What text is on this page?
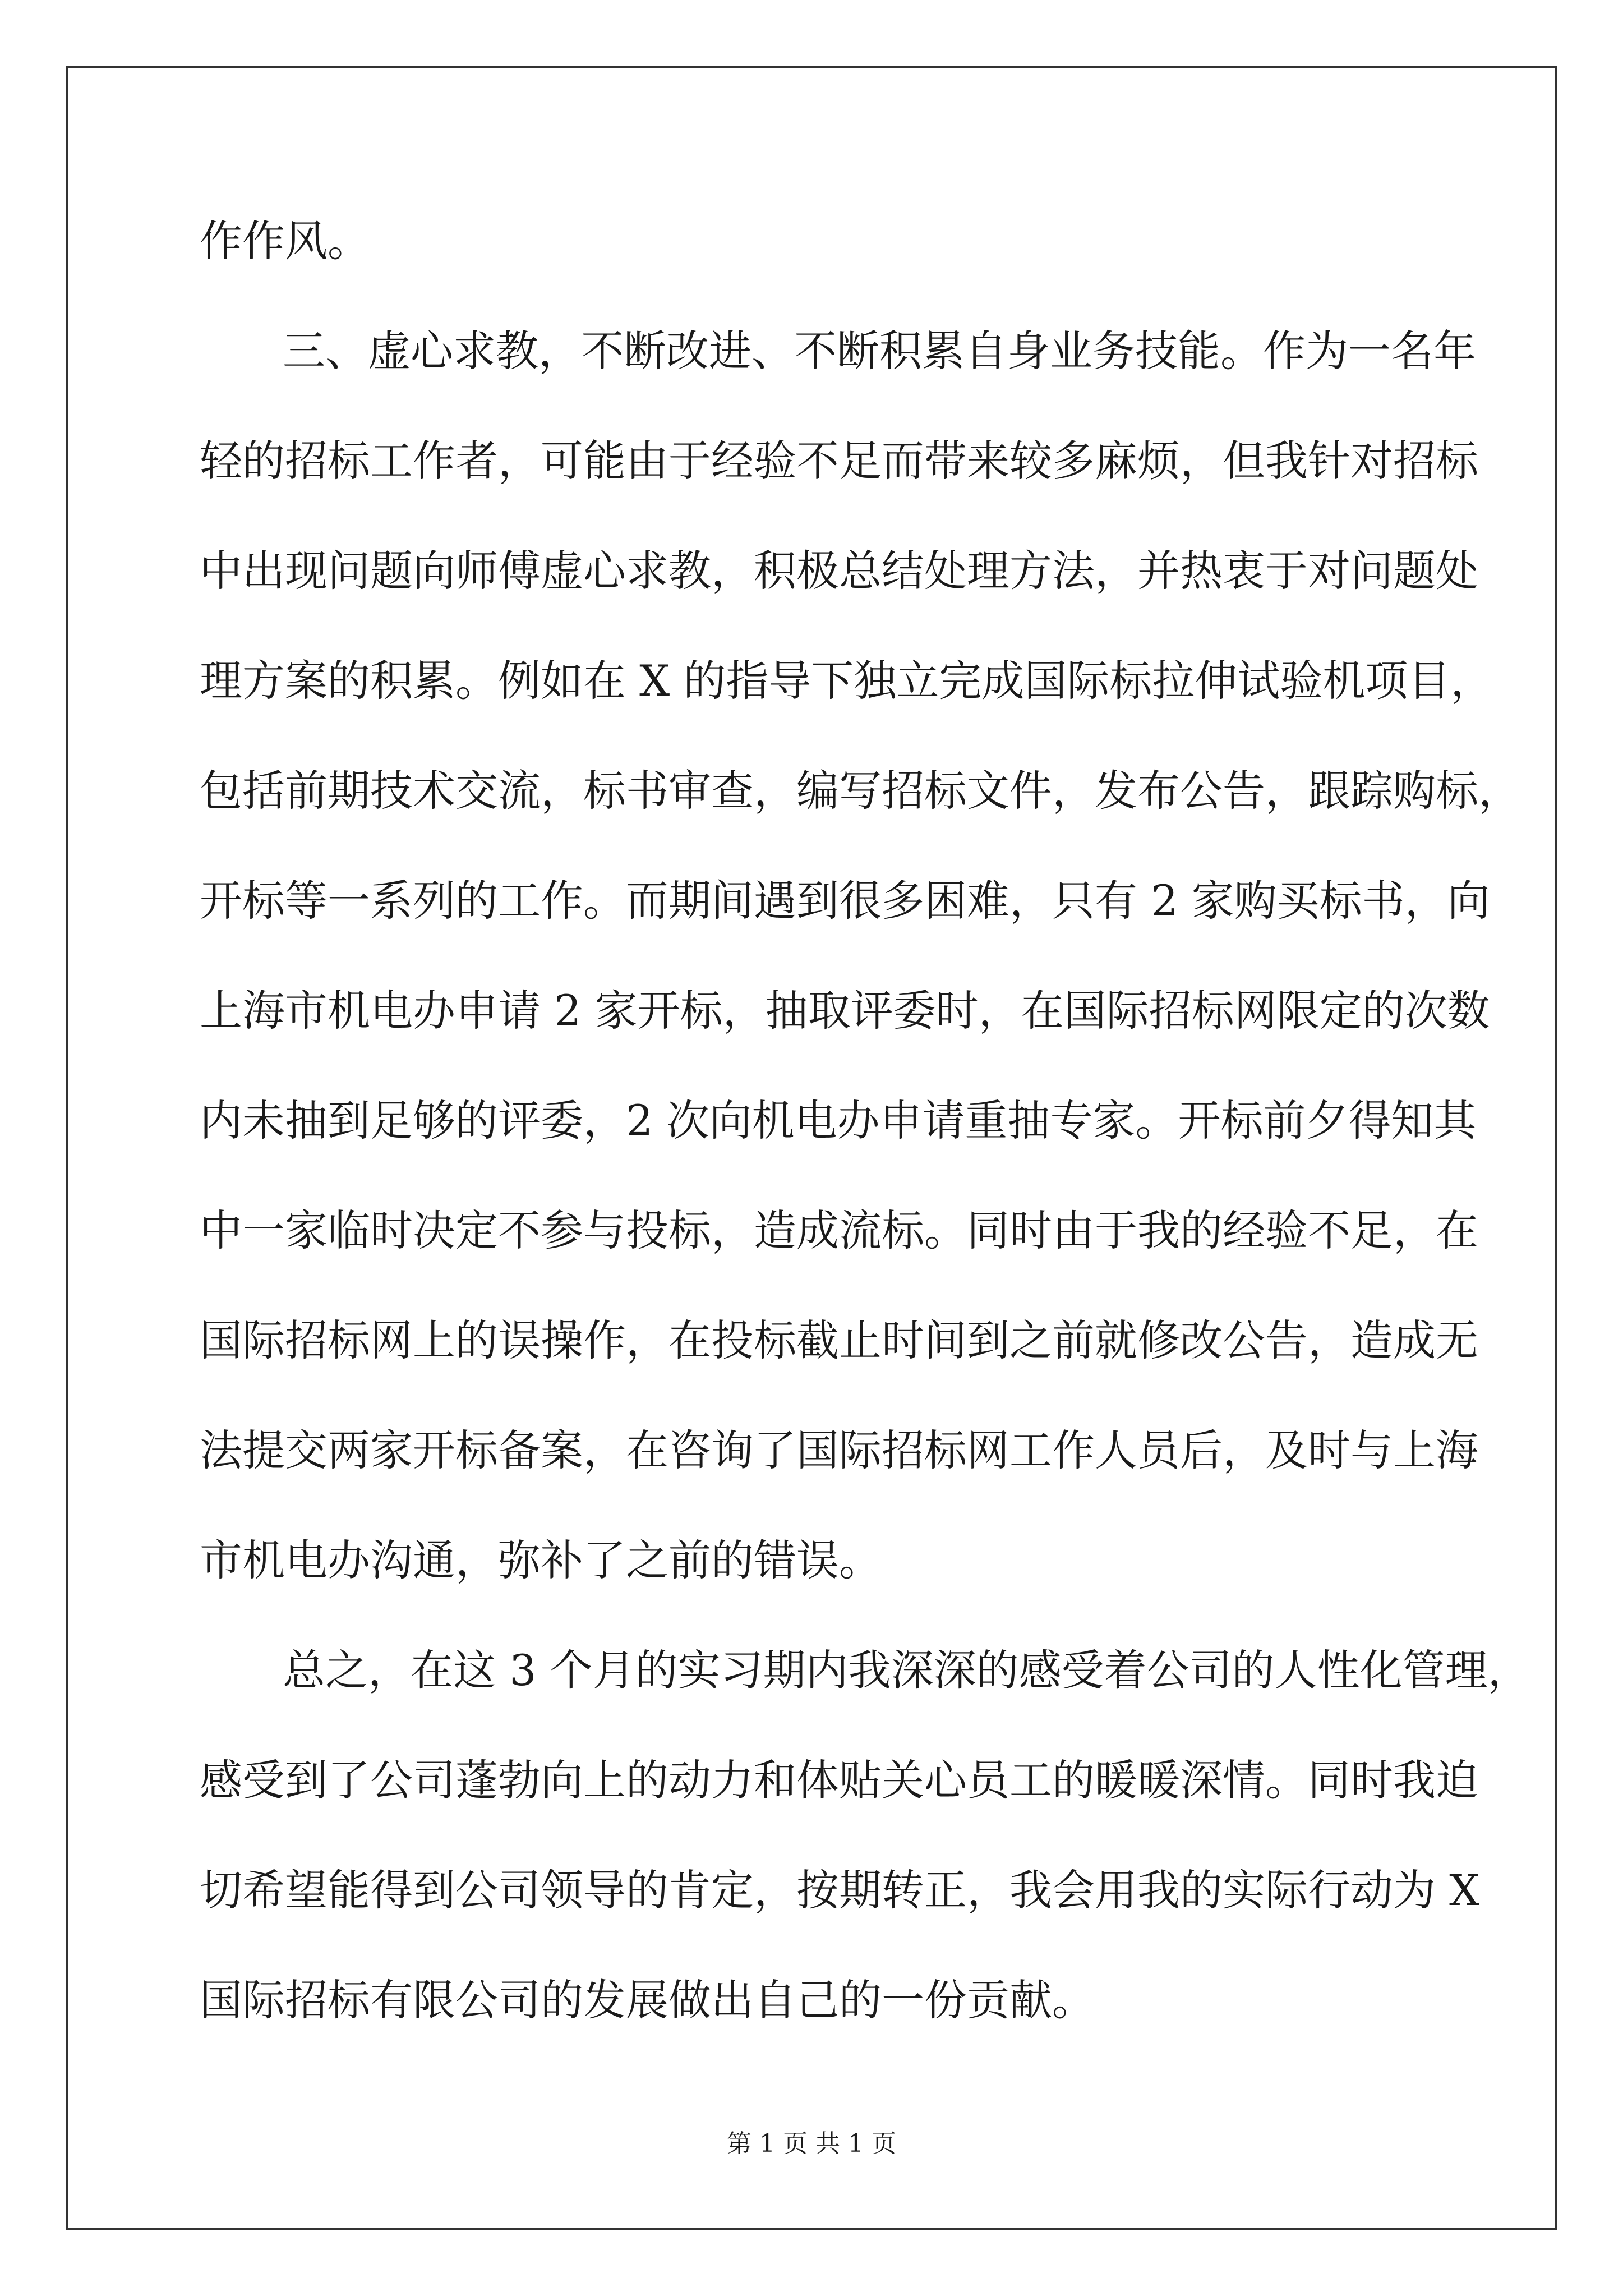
作作风。
三、虚心求教，不断改进、不断积累自身业务技能。作为一名年
轻的招标工作者，可能由于经验不足而带来较多麻烦，但我针对招标
中出现问题向师傅虚心求教，积极总结处理方法，并热衷于对问题处
理方案的积累。例如在 X 的指导下独立完成国际标拉伸试验机项目，
包括前期技术交流，标书审查，编写招标文件，发布公告，跟踪购标，
开标等一系列的工作。而期间遇到很多困难，只有 2 家购买标书，向
上海市机电办申请 2 家开标，抽取评委时，在国际招标网限定的次数
内未抽到足够的评委，2 次向机电办申请重抽专家。开标前夕得知其
中一家临时决定不参与投标，造成流标。同时由于我的经验不足，在
国际招标网上的误操作，在投标截止时间到之前就修改公告，造成无
法提交两家开标备案，在咨询了国际招标网工作人员后，及时与上海
市机电办沟通，弥补了之前的错误。
总之，在这 3 个月的实习期内我深深的感受着公司的人性化管理，
感受到了公司蓬勃向上的动力和体贴关心员工的暖暖深情。同时我迫
切希望能得到公司领导的肯定，按期转正，我会用我的实际行动为 X
国际招标有限公司的发展做出自己的一份贡献。
第 1 页 共 1 页
